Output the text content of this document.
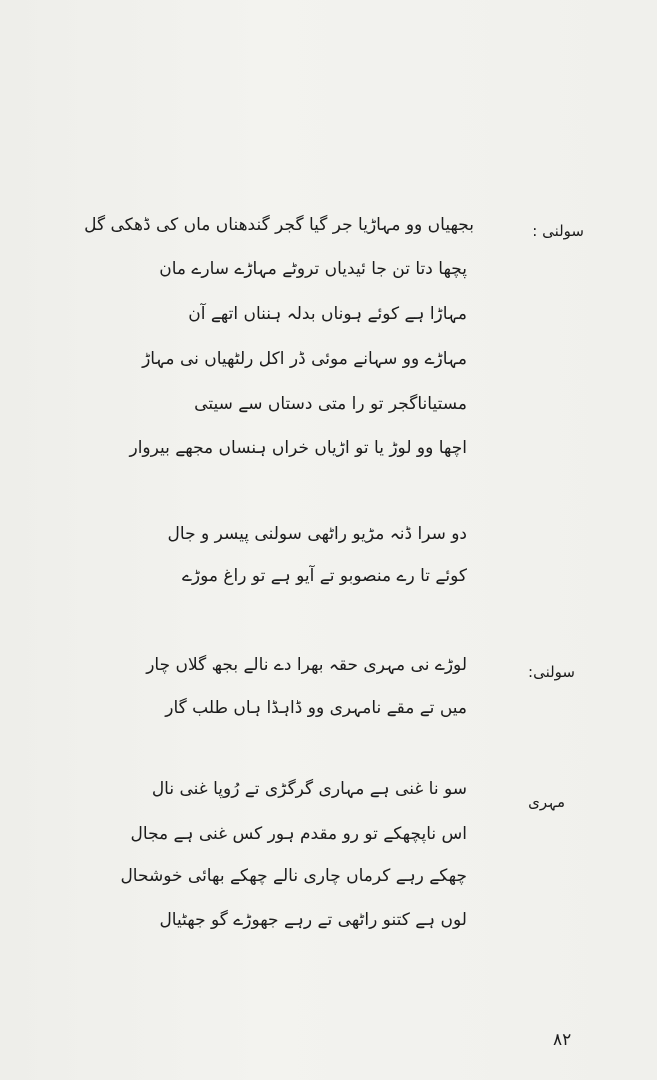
سولنی :
بجھیاں وو مہاڑیا جر گیا گجر گندھناں ماں کی ڈھکی گل
پچھا دتا تن جا ئیدیاں تروٹے مہاڑے سارے مان
مہاڑا ہے کوئے ہوناں بدلہ ہنناں اتھے آن
مہاڑے وو سہانے موئی ڈر اکل رلٹھیاں نی مہاڑ
مستیاناگجر تو را متی دستاں سے سیتی
اچھا وو لوڑ یا تو اڑیاں خراں ہنساں مجھے بیروار
دو سرا ڈنہ مڑیو راٹھی سولنی پیسر و جال
کوئے تا رے منصوبو تے آیو ہے تو راغ موڑے
سولنی:
لوڑے نی مہری حقہ بھرا دے نالے بجھ گلاں چار
میں تے مقے نامہری وو ڈاہڈا ہاں طلب گار
مہری
سو نا غنی ہے مہاری گرگڑی تے رُوپا غنی نال
اس ناپچھکے تو رو مقدم ہور کس غنی ہے مجال
چھکے رہے کرماں چاری نالے چھکے بھائی خوشحال
لوں ہے کتنو راٹھی تے رہے جھوڑے گو جھٹیال
۸۲
